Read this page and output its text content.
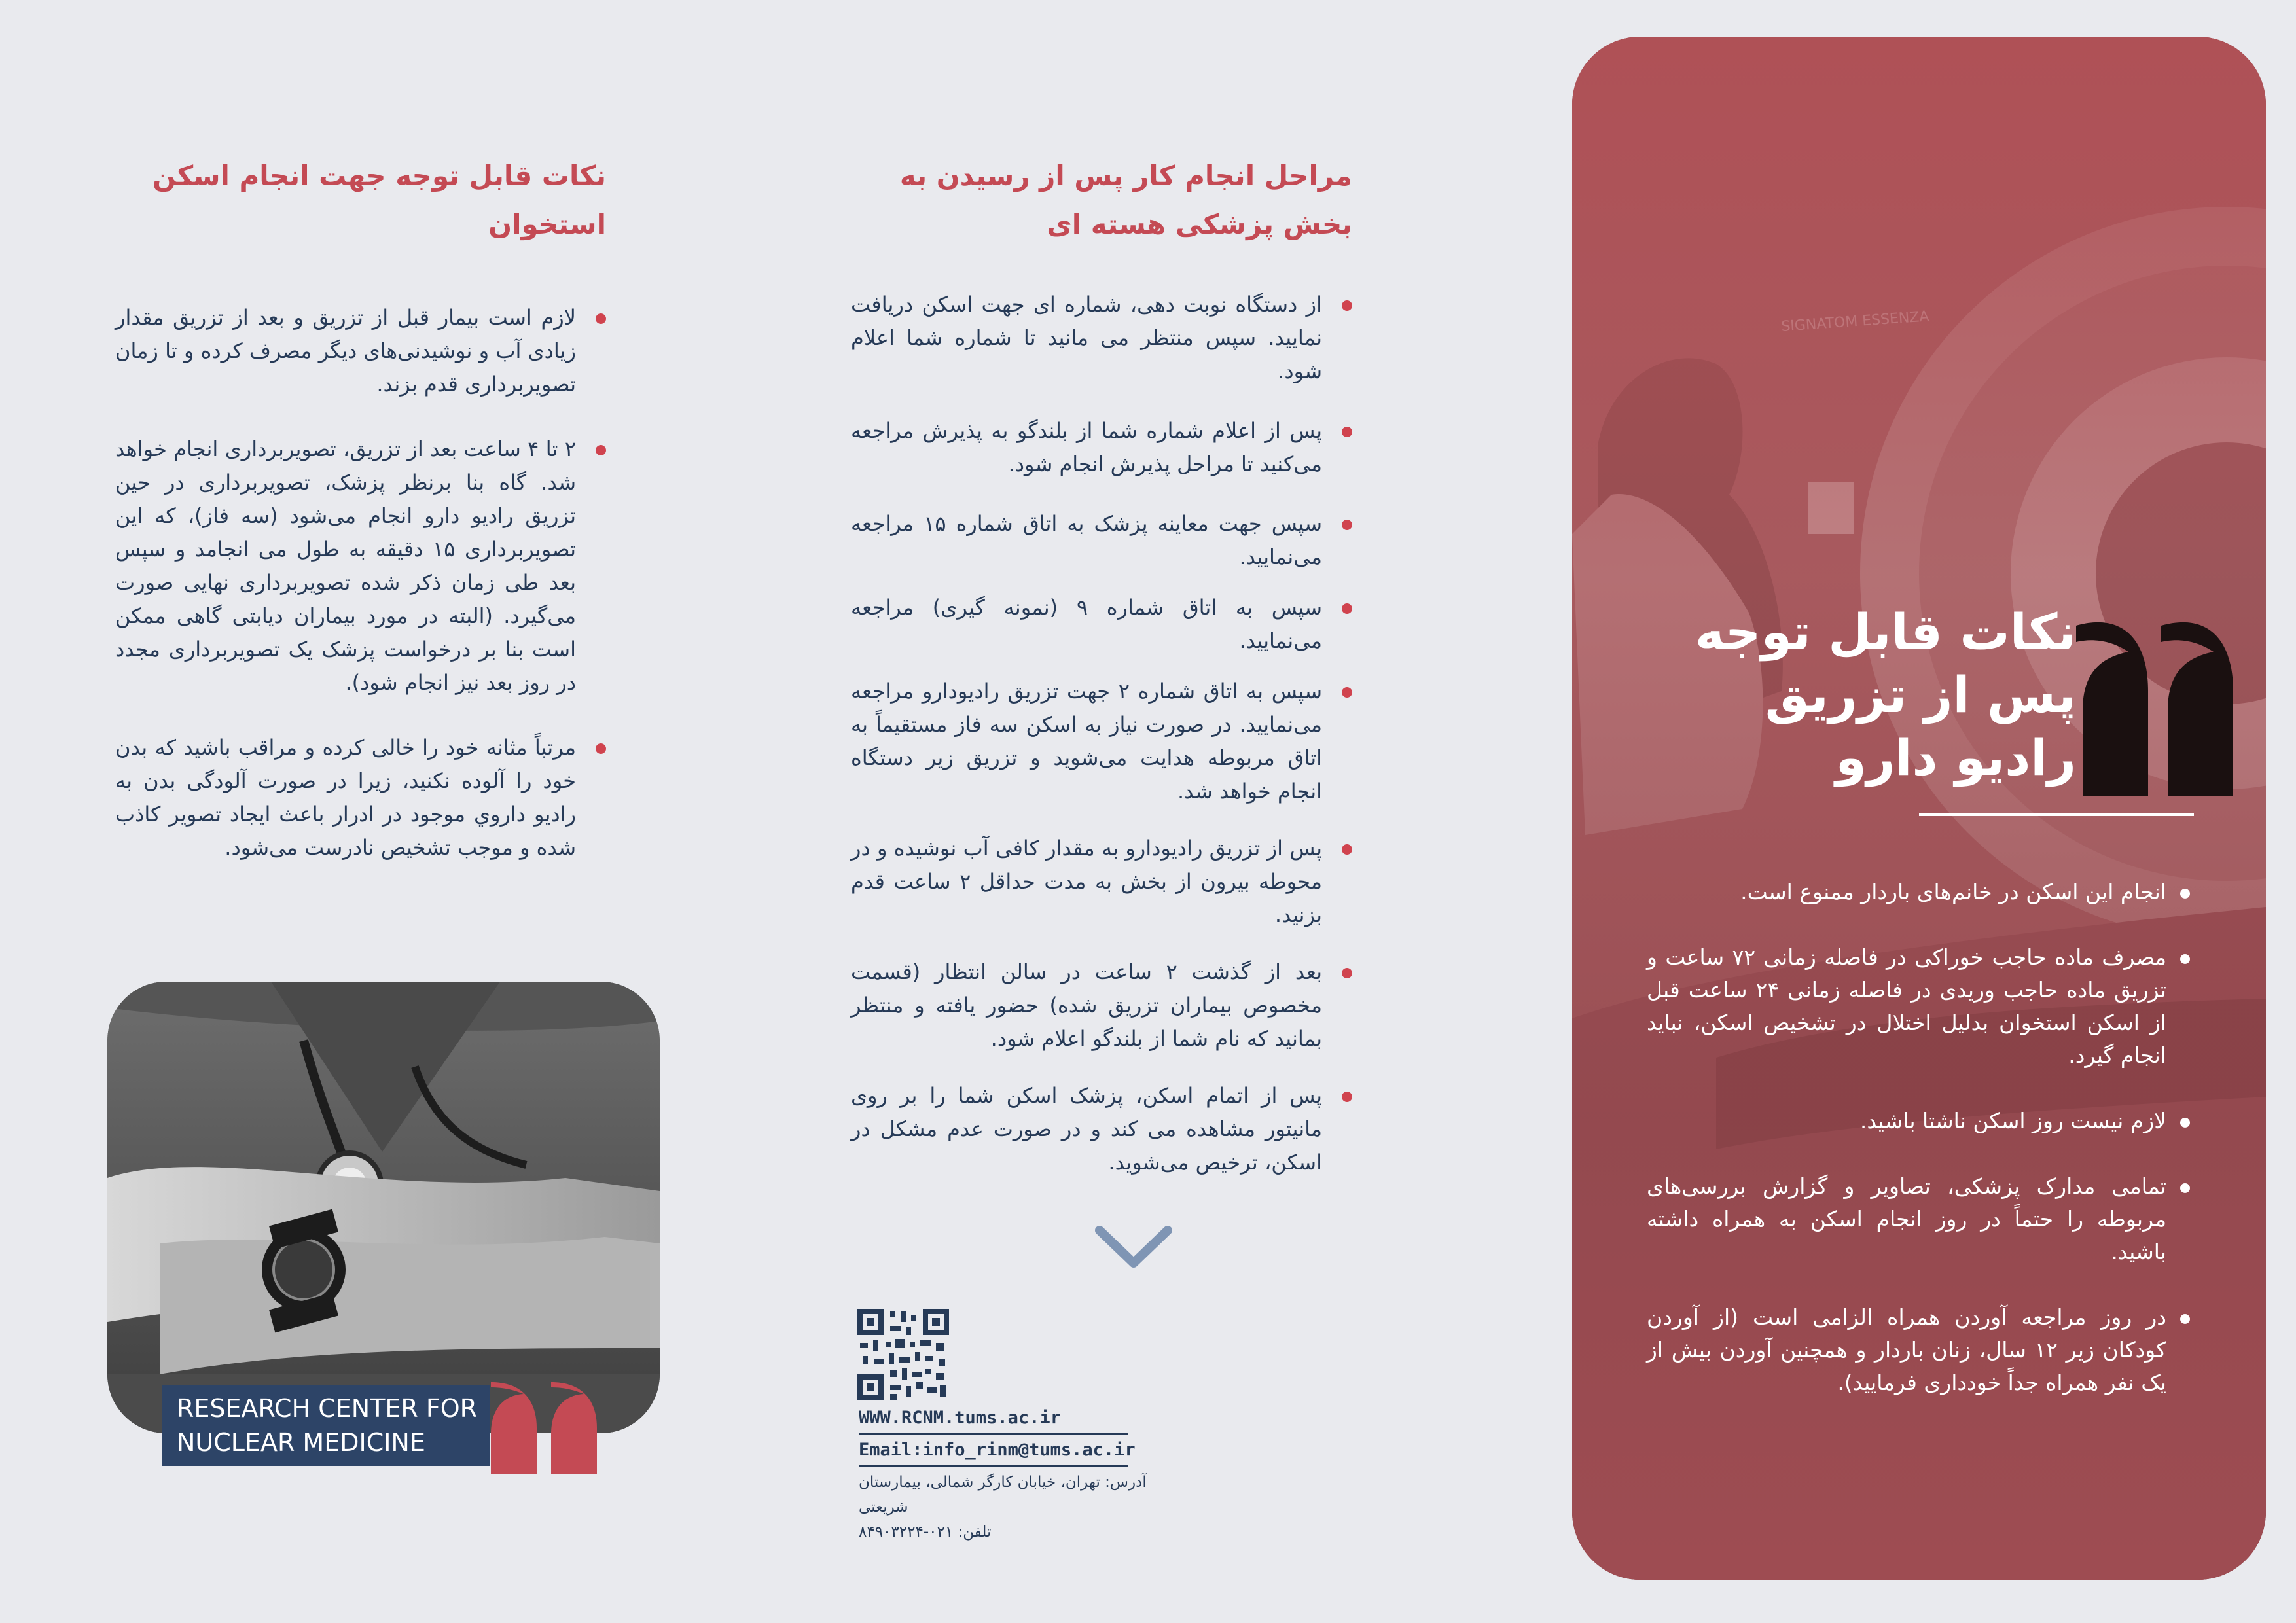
نکات قابل توجه جهت انجام اسکن استخوان
لازم است بیمار قبل از تزریق و بعد از تزریق مقدار زیادی آب و نوشیدنی‌های دیگر مصرف کرده و تا زمان تصویربرداری قدم بزند.
۲ تا ۴ ساعت بعد از تزریق، تصویربرداری انجام خواهد شد. گاه بنا برنظر پزشک، تصویربرداری در حین تزریق رادیو دارو انجام می‌شود (سه فاز)، که این تصویربرداری ۱۵ دقیقه به طول می انجامد و سپس بعد طی زمان ذکر شده تصویربرداری نهایی صورت می‌گیرد. (البته در مورد بیماران دیابتی گاهی ممکن است بنا بر درخواست پزشک یک تصویربرداری مجدد در روز بعد نیز انجام شود).
مرتباً مثانه خود را خالی کرده و مراقب باشید که بدن خود را آلوده نکنید، زیرا در صورت آلودگی بدن به رادیو داروي موجود در ادرار باعث ایجاد تصویر کاذب شده و موجب تشخیص نادرست می‌شود.
RESEARCH CENTER FOR
NUCLEAR MEDICINE
مراحل انجام کار پس از رسیدن به بخش پزشکی هسته ای
از دستگاه نوبت دهی، شماره ای جهت اسکن دریافت نمایید. سپس منتظر می مانید تا شماره شما اعلام شود.
پس از اعلام شماره شما از بلندگو به پذیرش مراجعه می‌کنید تا مراحل پذیرش انجام شود.
سپس جهت معاینه پزشک به اتاق شماره ۱۵ مراجعه می‌نمایید.
سپس به اتاق شماره ۹ (نمونه گیری) مراجعه می‌نمایید.
سپس به اتاق شماره ۲ جهت تزریق رادیودارو مراجعه می‌نمایید. در صورت نیاز به اسکن سه فاز مستقیماً به اتاق مربوطه هدایت می‌شوید و تزریق زیر دستگاه انجام خواهد شد.
پس از تزریق رادیودارو به مقدار کافی آب نوشیده و در محوطه بیرون از بخش به مدت حداقل ۲ ساعت قدم بزنید.
بعد از گذشت ۲ ساعت در سالن انتظار (قسمت مخصوص بیماران تزریق شده) حضور یافته و منتظر بمانید که نام شما از بلندگو اعلام شود.
پس از اتمام اسکن، پزشک اسکن شما را بر روی مانیتور مشاهده می کند و در صورت عدم مشکل در اسکن، ترخیص می‌شوید.
WWW.RCNM.tums.ac.ir
Email:info_rinm@tums.ac.ir
آدرس: تهران، خیابان کارگر شمالی، بیمارستان شریعتی
تلفن: ۰۲۱-۸۴۹۰۳۲۲۴
نکات قابل توجه
پس از تزریق
رادیو دارو
انجام این اسکن در خانم‌های باردار ممنوع است.
مصرف ماده حاجب خوراکی در فاصله زمانی ۷۲ ساعت و تزریق ماده حاجب وریدی در فاصله زمانی ۲۴ ساعت قبل از اسکن استخوان بدلیل اختلال در تشخیص اسکن، نباید انجام گیرد.
لازم نیست روز اسکن ناشتا باشید.
تمامی مدارک پزشکی، تصاویر و گزارش بررسی‌های مربوطه را حتماً در روز انجام اسکن به همراه داشته باشید.
در روز مراجعه آوردن همراه الزامی است (از آوردن کودکان زیر ۱۲ سال، زنان باردار و همچنین آوردن بیش از یک نفر همراه جداً خودداری فرمایید).
